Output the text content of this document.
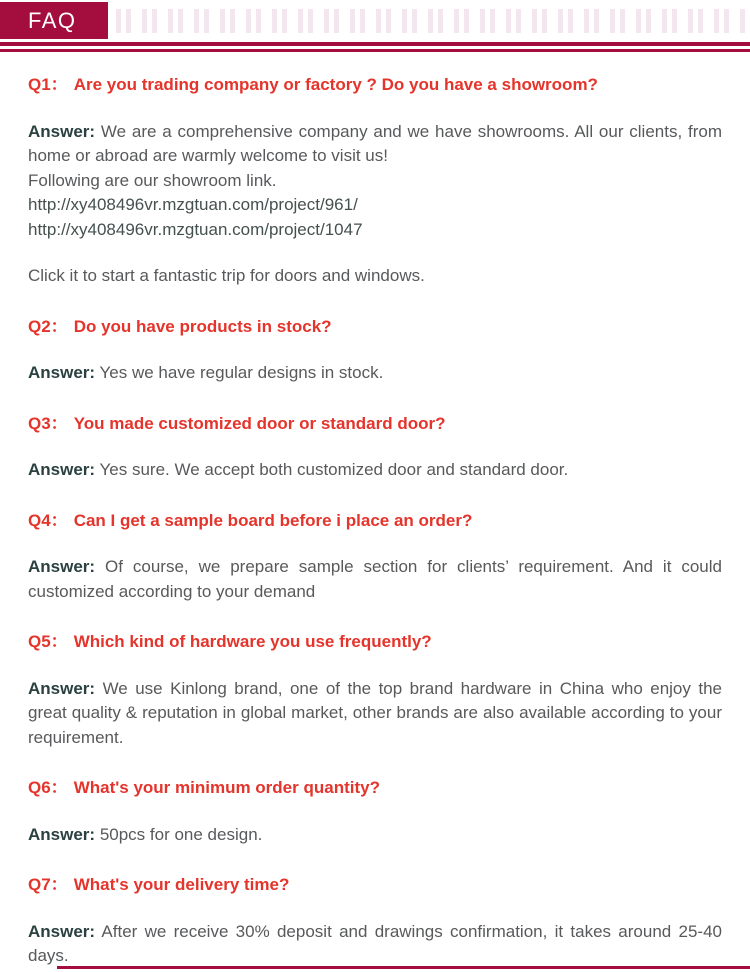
FAQ
Q1： Are you trading company or factory ? Do you have a showroom?

Answer: We are a comprehensive company and we have showrooms. All our clients, from home or abroad are warmly welcome to visit us!
Following are our showroom link.
http://xy408496vr.mzgtuan.com/project/961/
http://xy408496vr.mzgtuan.com/project/1047

Click it to start a fantastic trip for doors and windows.

Q2： Do you have products in stock?

Answer: Yes we have regular designs in stock.

Q3： You made customized door or standard door?

Answer: Yes sure. We accept both customized door and standard door.

Q4： Can I get a sample board before i place an order?

Answer: Of course, we prepare sample section for clients’ requirement. And it could customized according to your demand

Q5： Which kind of hardware you use frequently?

Answer: We use Kinlong brand, one of the top brand hardware in China who enjoy the great quality & reputation in global market, other brands are also available according to your requirement.

Q6： What's your minimum order quantity?

Answer: 50pcs for one design.

Q7： What's your delivery time?

Answer: After we receive 30% deposit and drawings confirmation, it takes around 25-40 days.
